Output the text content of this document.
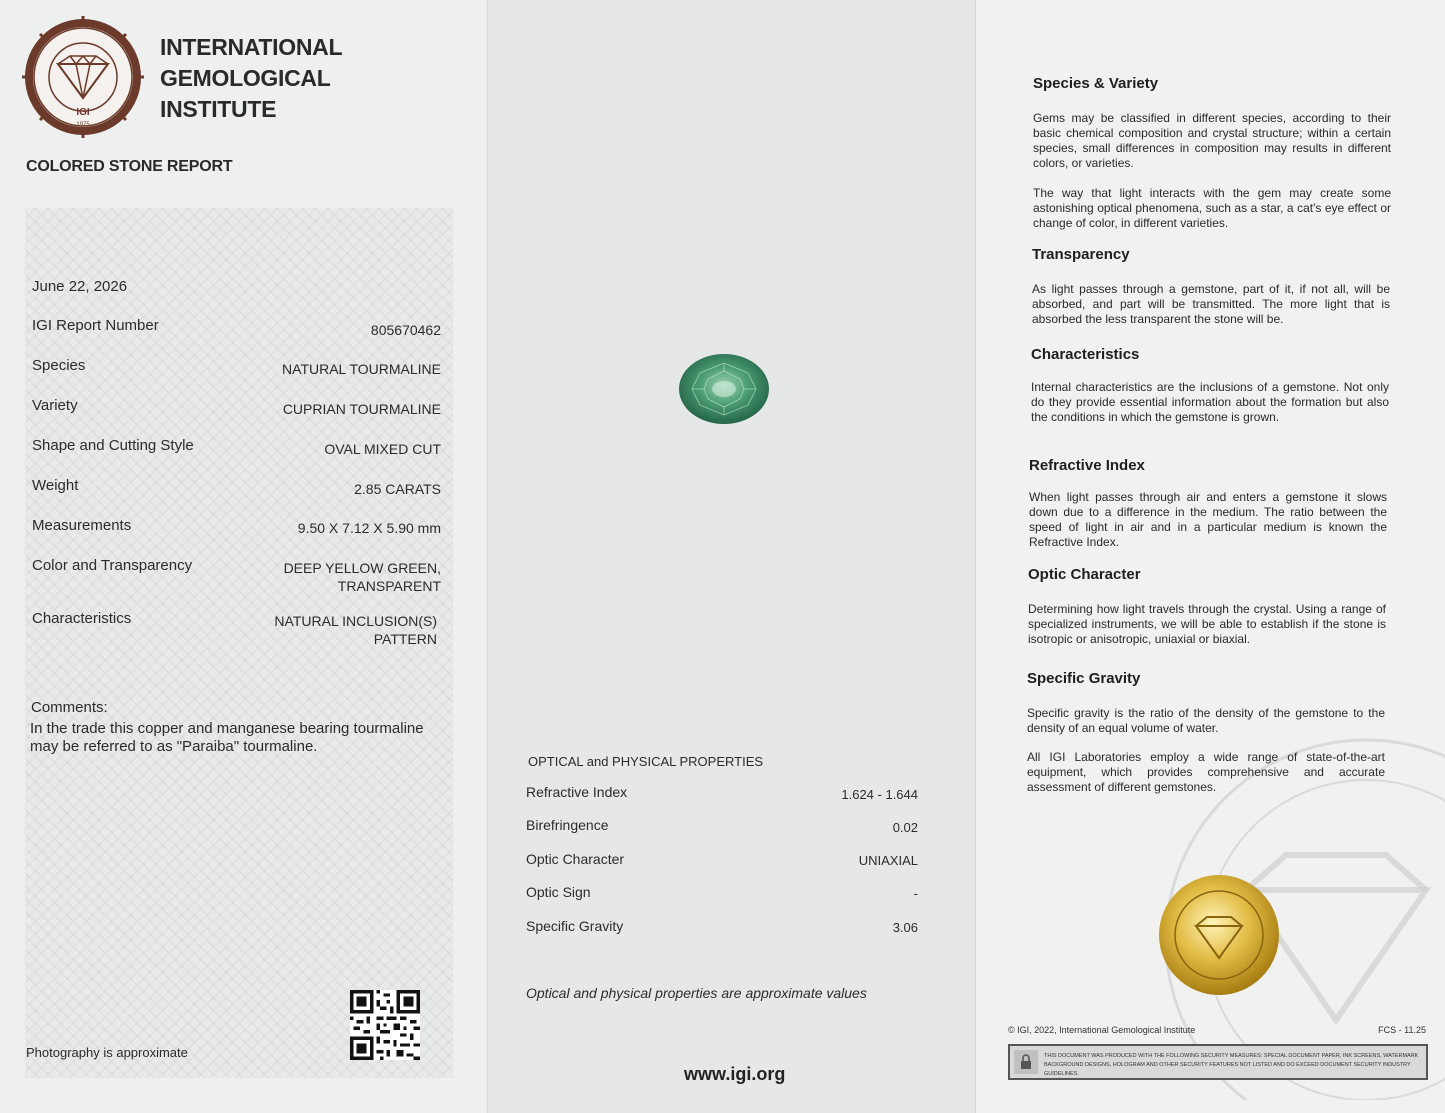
IGI
1975
INTERNATIONAL
GEMOLOGICAL
INSTITUTE
COLORED STONE REPORT
June 22, 2026
IGI Report Number	805670462
Species	NATURAL TOURMALINE
Variety	CUPRIAN TOURMALINE
Shape and Cutting Style	OVAL MIXED CUT
Weight	2.85 CARATS
Measurements	9.50 X 7.12 X 5.90 mm
Color and Transparency	DEEP YELLOW GREEN,
TRANSPARENT
Characteristics	NATURAL INCLUSION(S)
PATTERN
Comments:
In the trade this copper and manganese bearing tourmaline may be referred to as "Paraiba" tourmaline.
Photography is approximate
OPTICAL and PHYSICAL PROPERTIES
Refractive Index	1.624 - 1.644
Birefringence	0.02
Optic Character	UNIAXIAL
Optic Sign	-
Specific Gravity	3.06
Optical and physical properties are approximate values
www.igi.org
Species & Variety
Gems may be classified in different species, according to their basic chemical composition and crystal structure; within a certain species, small differences in composition may results in different colors, or varieties.
The way that light interacts with the gem may create some astonishing optical phenomena, such as a star, a cat's eye effect or change of color, in different varieties.
Transparency
As light passes through a gemstone, part of it, if not all, will be absorbed, and part will be transmitted. The more light that is absorbed the less transparent the stone will be.
Characteristics
Internal characteristics are the inclusions of a gemstone. Not only do they provide essential information about the formation but also the conditions in which the gemstone is grown.
Refractive Index
When light passes through air and enters a gemstone it slows down due to a difference in the medium. The ratio between the speed of light in air and in a particular medium is known the Refractive Index.
Optic Character
Determining how light travels through the crystal. Using a range of specialized instruments, we will be able to establish if the stone is isotropic or anisotropic, uniaxial or biaxial.
Specific Gravity
Specific gravity is the ratio of the density of the gemstone to the density of an equal volume of water.
All IGI Laboratories employ a wide range of state-of-the-art equipment, which provides comprehensive and accurate assessment of different gemstones.
© IGI, 2022, International Gemological Institute	FCS - 11.25
THIS DOCUMENT WAS PRODUCED WITH THE FOLLOWING SECURITY MEASURES: SPECIAL DOCUMENT PAPER, INK SCREENS, WATERMARK BACKGROUND DESIGNS, HOLOGRAM AND OTHER SECURITY FEATURES NOT LISTED AND DO EXCEED DOCUMENT SECURITY INDUSTRY GUIDELINES.
